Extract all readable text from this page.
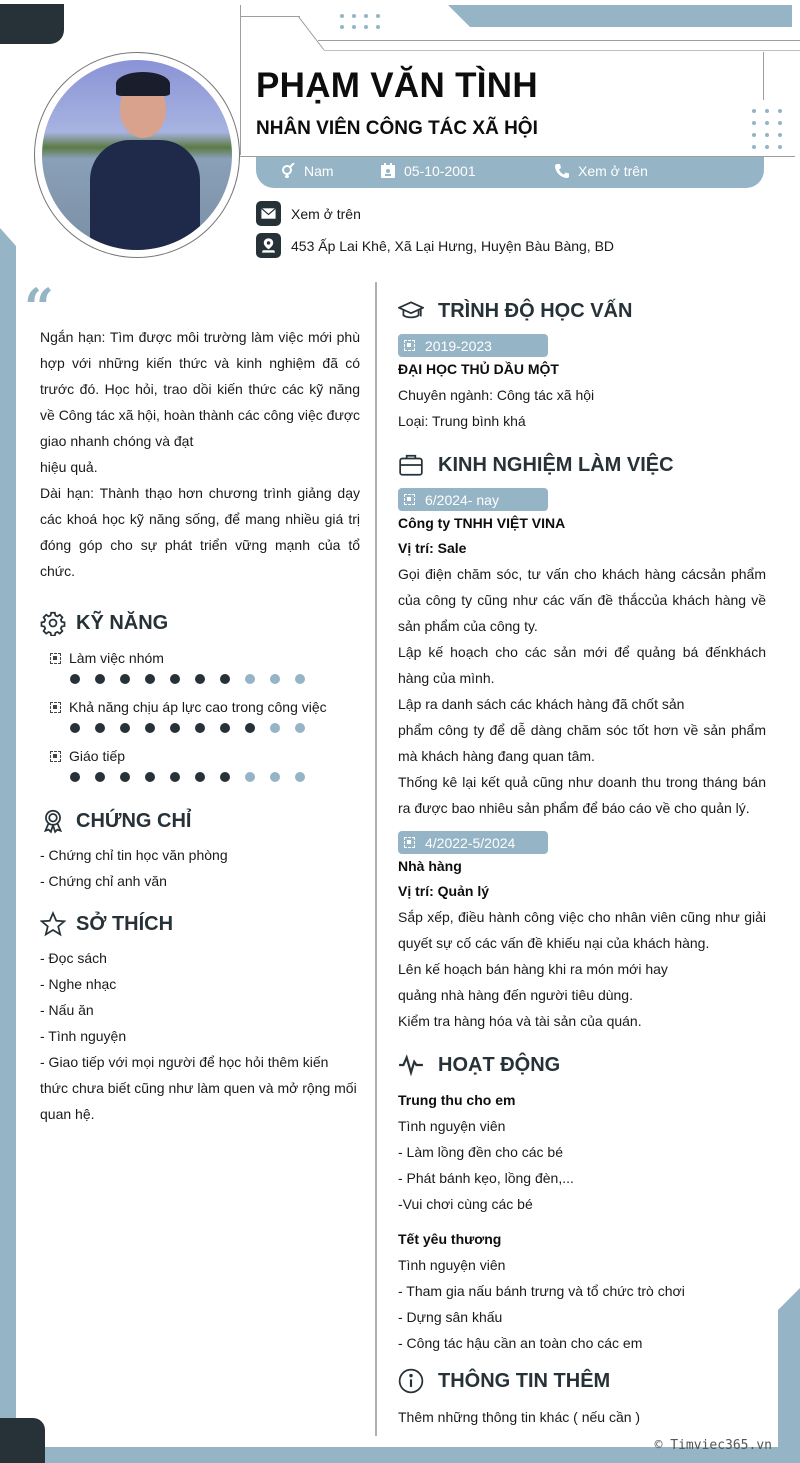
PHẠM VĂN TÌNH
NHÂN VIÊN CÔNG TÁC XÃ HỘI
Nam	05-10-2001	Xem ở trên
Xem ở trên
453 Ấp Lai Khê, Xã Lại Hưng, Huyện Bàu Bàng, BD
“

Ngắn hạn: Tìm được môi trường làm việc mới phù hợp với những kiến thức và kinh nghiệm đã có trước đó. Học hỏi, trao dồi kiến thức các kỹ năng về Công tác xã hội, hoàn thành các công việc được giao nhanh chóng và đạt

hiệu quả.

Dài hạn: Thành thạo hơn chương trình giảng dạy các khoá học kỹ năng sống, để mang nhiều giá trị đóng góp cho sự phát triển vững mạnh của tổ chức.

KỸ NĂNG
Làm việc nhóm
Khả năng chịu áp lực cao trong công việc
Giáo tiếp
CHỨNG CHỈ
- Chứng chỉ tin học văn phòng
- Chứng chỉ anh văn
SỞ THÍCH
- Đọc sách
- Nghe nhạc
- Nấu ăn
- Tình nguyện
- Giao tiếp với mọi người để học hỏi thêm kiến thức chưa biết cũng như làm quen và mở rộng mối quan hệ.
TRÌNH ĐỘ HỌC VẤN
2019-2023
ĐẠI HỌC THỦ DẦU MỘT
Chuyên ngành: Công tác xã hội
Loại: Trung bình khá
KINH NGHIỆM LÀM VIỆC
6/2024- nay
Công ty TNHH VIỆT VINA
Vị trí: Sale
Gọi điện chăm sóc, tư vấn cho khách hàng cácsản phẩm của công ty cũng như các vấn đề thắccủa khách hàng về sản phẩm của công ty.
Lập kế hoạch cho các sản mới để quảng bá đếnkhách hàng của mình.
Lập ra danh sách các khách hàng đã chốt sản
phẩm công ty để dễ dàng chăm sóc tốt hơn về sản phẩm mà khách hàng đang quan tâm.
Thống kê lại kết quả cũng như doanh thu trong tháng bán ra được bao nhiêu sản phẩm để báo cáo về cho quản lý.
4/2022-5/2024
Nhà hàng
Vị trí: Quản lý
Sắp xếp, điều hành công việc cho nhân viên cũng như giải quyết sự cố các vấn đề khiếu nại của khách hàng.
Lên kế hoạch bán hàng khi ra món mới hay
quảng nhà hàng đến người tiêu dùng.
Kiểm tra hàng hóa và tài sản của quán.
HOẠT ĐỘNG
Trung thu cho em
Tình nguyện viên
- Làm lồng đền cho các bé
- Phát bánh kẹo, lồng đèn,...
-Vui chơi cùng các bé
Tết yêu thương
Tình nguyện viên
- Tham gia nấu bánh trưng và tổ chức trò chơi
- Dựng sân khấu
- Công tác hậu cần an toàn cho các em
THÔNG TIN THÊM
Thêm những thông tin khác ( nếu cần )
© Timviec365.vn
